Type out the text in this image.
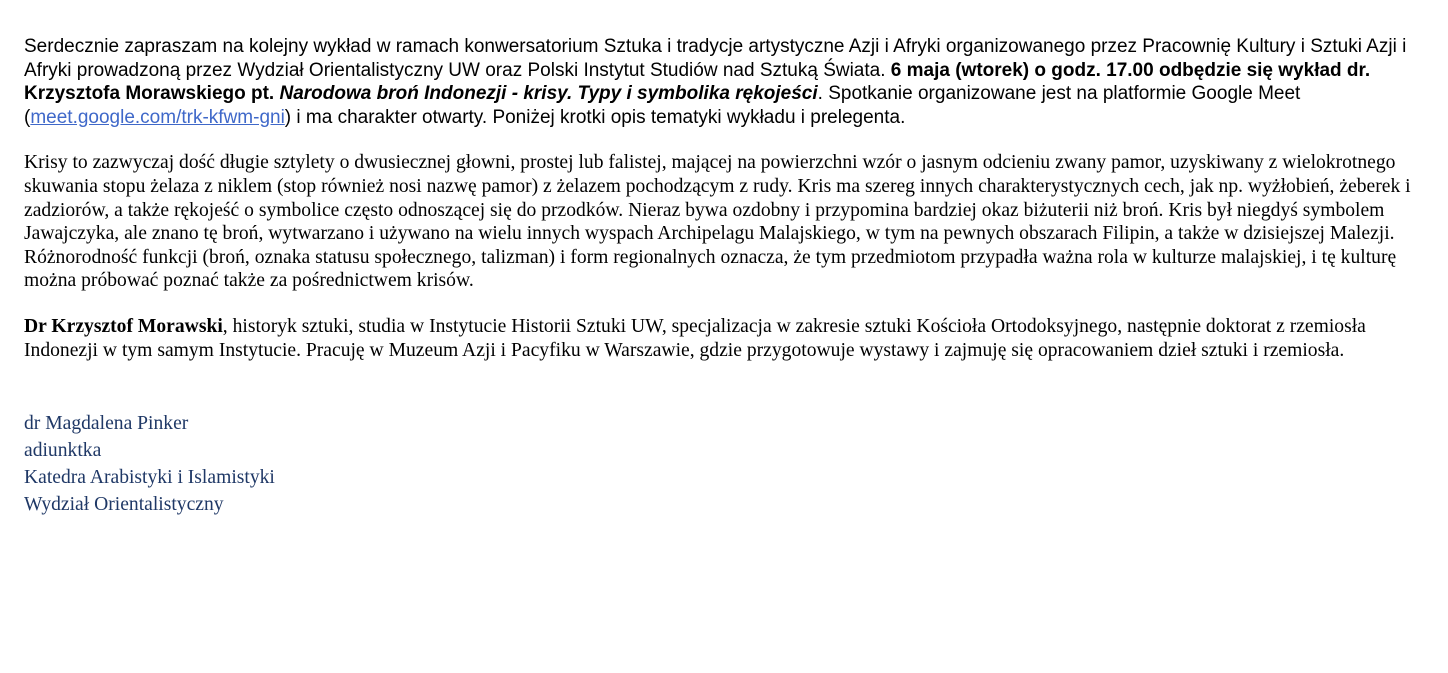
Serdecznie zapraszam na kolejny wykład w ramach konwersatorium Sztuka i tradycje artystyczne Azji i Afryki organizowanego przez Pracownię Kultury i Sztuki Azji i Afryki prowadzoną przez Wydział Orientalistyczny UW oraz Polski Instytut Studiów nad Sztuką Świata. 6 maja (wtorek) o godz. 17.00 odbędzie się wykład dr. Krzysztofa Morawskiego pt. Narodowa broń Indonezji - krisy. Typy i symbolika rękojeści. Spotkanie organizowane jest na platformie Google Meet (meet.google.com/trk-kfwm-gni) i ma charakter otwarty. Poniżej krotki opis tematyki wykładu i prelegenta.

Krisy to zazwyczaj dość długie sztylety o dwusiecznej głowni, prostej lub falistej, mającej na powierzchni wzór o jasnym odcieniu zwany pamor, uzyskiwany z wielokrotnego skuwania stopu żelaza z niklem (stop również nosi nazwę pamor) z żelazem pochodzącym z rudy. Kris ma szereg innych charakterystycznych cech, jak np. wyżłobień, żeberek i zadziorów, a także rękojeść o symbolice często odnoszącej się do przodków. Nieraz bywa ozdobny i przypomina bardziej okaz biżuterii niż broń. Kris był niegdyś symbolem Jawajczyka, ale znano tę broń, wytwarzano i używano na wielu innych wyspach Archipelagu Malajskiego, w tym na pewnych obszarach Filipin, a także w dzisiejszej Malezji. Różnorodność funkcji (broń, oznaka statusu społecznego, talizman) i form regionalnych oznacza, że tym przedmiotom przypadła ważna rola w kulturze malajskiej, i tę kulturę można próbować poznać także za pośrednictwem krisów.

Dr Krzysztof Morawski, historyk sztuki, studia w Instytucie Historii Sztuki UW, specjalizacja w zakresie sztuki Kościoła Ortodoksyjnego, następnie doktorat z rzemiosła Indonezji w tym samym Instytucie. Pracuję w Muzeum Azji i Pacyfiku w Warszawie, gdzie przygotowuje wystawy i zajmuję się opracowaniem dzieł sztuki i rzemiosła.

dr Magdalena Pinker
adiunktka
Katedra Arabistyki i Islamistyki
Wydział Orientalistyczny
